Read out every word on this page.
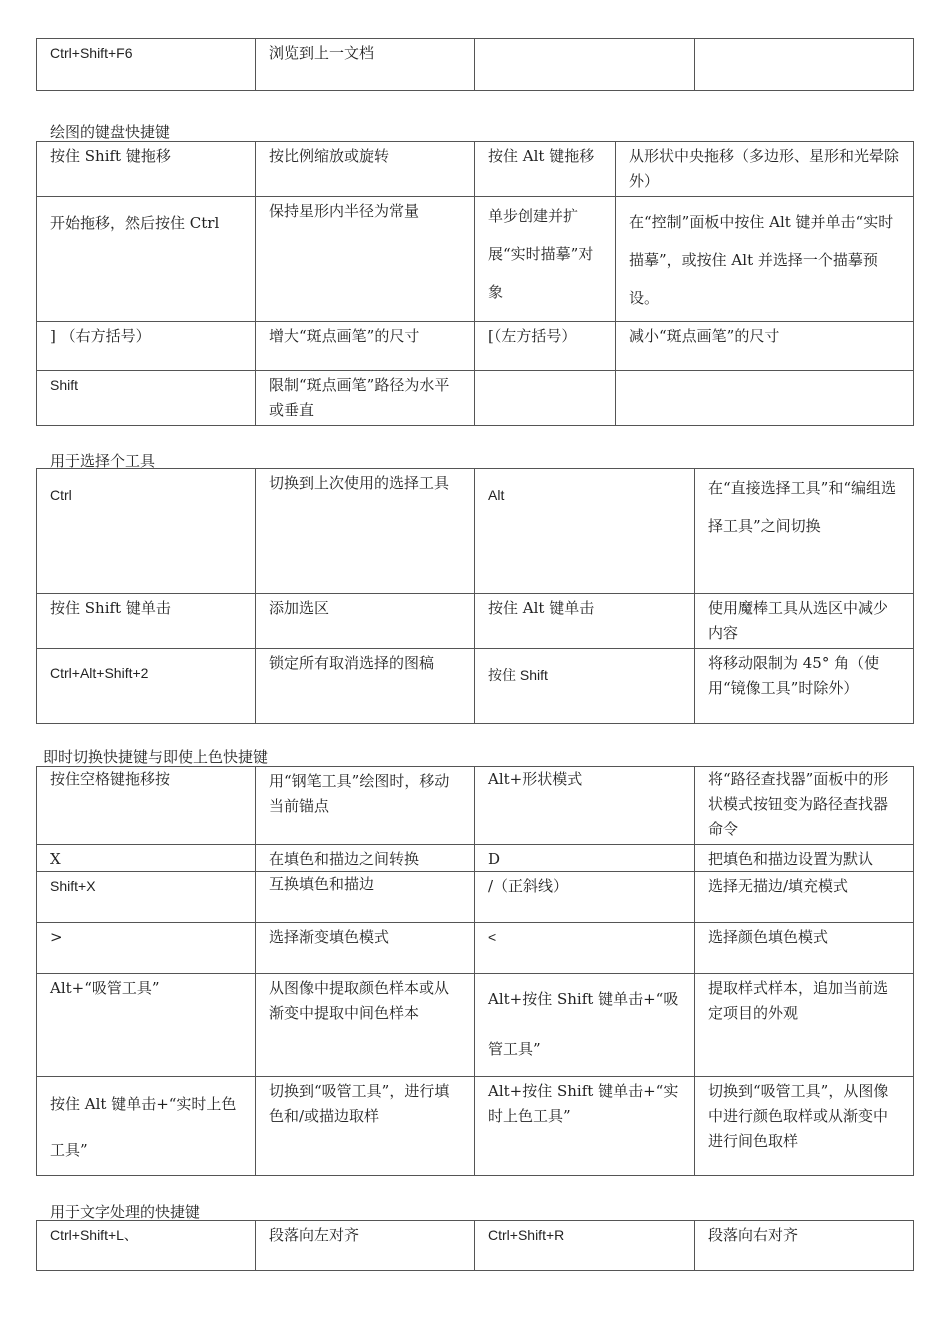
Ctrl+Shift+F6	浏览到上一文档		
绘图的键盘快捷键
按住 Shift 键拖移	按比例缩放或旋转	按住 Alt 键拖移	从形状中央拖移（多边形、星形和光晕除外）
开始拖移，然后按住 Ctrl	保持星形内半径为常量	单步创建并扩展“实时描摹”对象	在“控制”面板中按住 Alt 键并单击“实时描摹”，或按住 Alt 并选择一个描摹预设。
] （右方括号）	增大“斑点画笔”的尺寸	[（左方括号）	减小“斑点画笔”的尺寸
Shift	限制“斑点画笔”路径为水平或垂直		
用于选择个工具
Ctrl	切换到上次使用的选择工具	Alt	在“直接选择工具”和“编组选择工具”之间切换
按住 Shift 键单击	添加选区	按住 Alt 键单击	使用魔棒工具从选区中减少内容
Ctrl+Alt+Shift+2	锁定所有取消选择的图稿	按住 Shift	将移动限制为 45° 角（使用“镜像工具”时除外）
即时切换快捷键与即使上色快捷键
按住空格键拖移按	用“钢笔工具”绘图时，移动当前锚点	Alt+形状模式	将“路径查找器”面板中的形状模式按钮变为路径查找器命令
X	在填色和描边之间转换	D	把填色和描边设置为默认
Shift+X	互换填色和描边	/（正斜线）	选择无描边/填充模式
>	选择渐变填色模式	<	选择颜色填色模式
Alt+“吸管工具”	从图像中提取颜色样本或从渐变中提取中间色样本	Alt+按住 Shift 键单击+“吸管工具”	提取样式样本，追加当前选定项目的外观
按住 Alt 键单击+“实时上色工具”	切换到“吸管工具”，进行填色和/或描边取样	Alt+按住 Shift 键单击+“实时上色工具”	切换到“吸管工具”，从图像中进行颜色取样或从渐变中进行间色取样
用于文字处理的快捷键
Ctrl+Shift+L、	段落向左对齐	Ctrl+Shift+R	段落向右对齐
